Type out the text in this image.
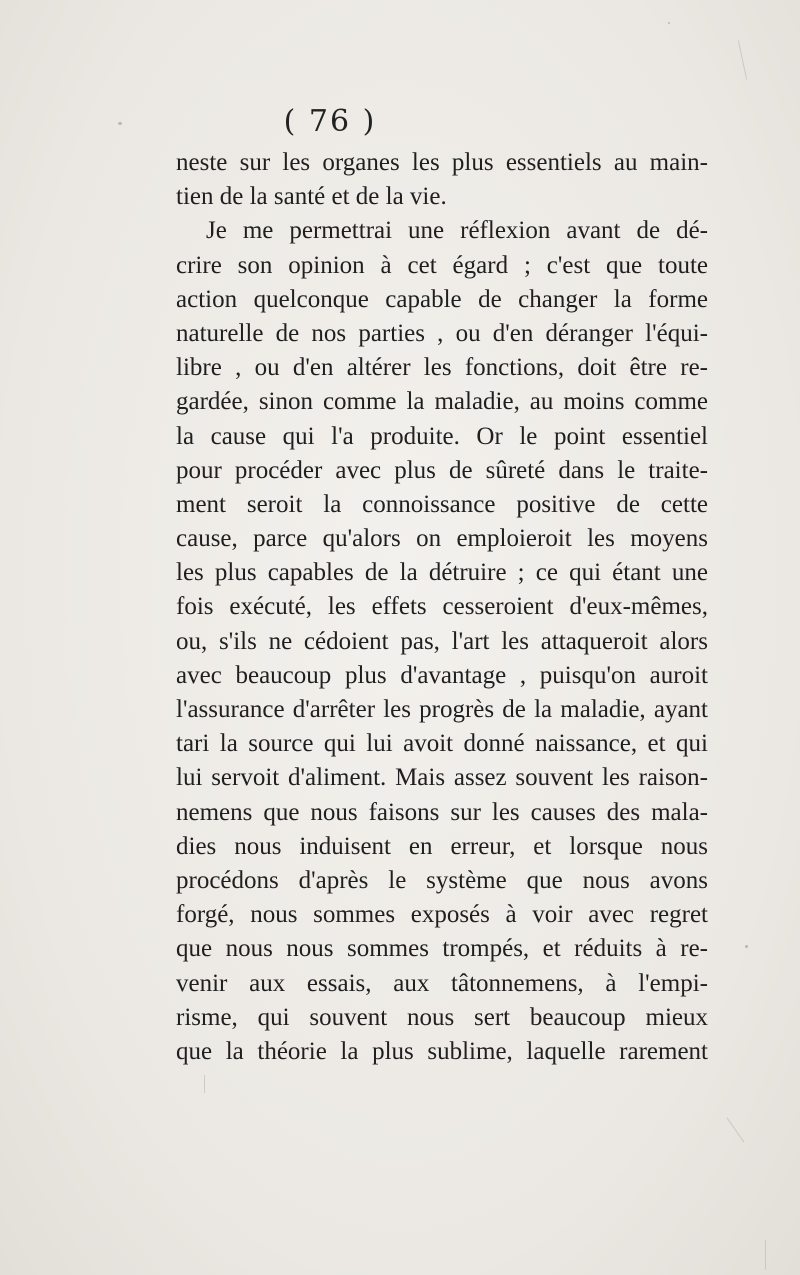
( 76 )
neste sur les organes les plus essentiels au main-
tien de la santé et de la vie.
Je me permettrai une réflexion avant de dé-
crire son opinion à cet égard ; c'est que toute
action quelconque capable de changer la forme
naturelle de nos parties , ou d'en déranger l'équi-
libre , ou d'en altérer les fonctions, doit être re-
gardée, sinon comme la maladie, au moins comme
la cause qui l'a produite. Or le point essentiel
pour procéder avec plus de sûreté dans le traite-
ment seroit la connoissance positive de cette
cause, parce qu'alors on emploieroit les moyens
les plus capables de la détruire ; ce qui étant une
fois exécuté, les effets cesseroient d'eux-mêmes,
ou, s'ils ne cédoient pas, l'art les attaqueroit alors
avec beaucoup plus d'avantage , puisqu'on auroit
l'assurance d'arrêter les progrès de la maladie, ayant
tari la source qui lui avoit donné naissance, et qui
lui servoit d'aliment. Mais assez souvent les raison-
nemens que nous faisons sur les causes des mala-
dies nous induisent en erreur, et lorsque nous
procédons d'après le système que nous avons
forgé, nous sommes exposés à voir avec regret
que nous nous sommes trompés, et réduits à re-
venir aux essais, aux tâtonnemens, à l'empi-
risme, qui souvent nous sert beaucoup mieux
que la théorie la plus sublime, laquelle rarement
